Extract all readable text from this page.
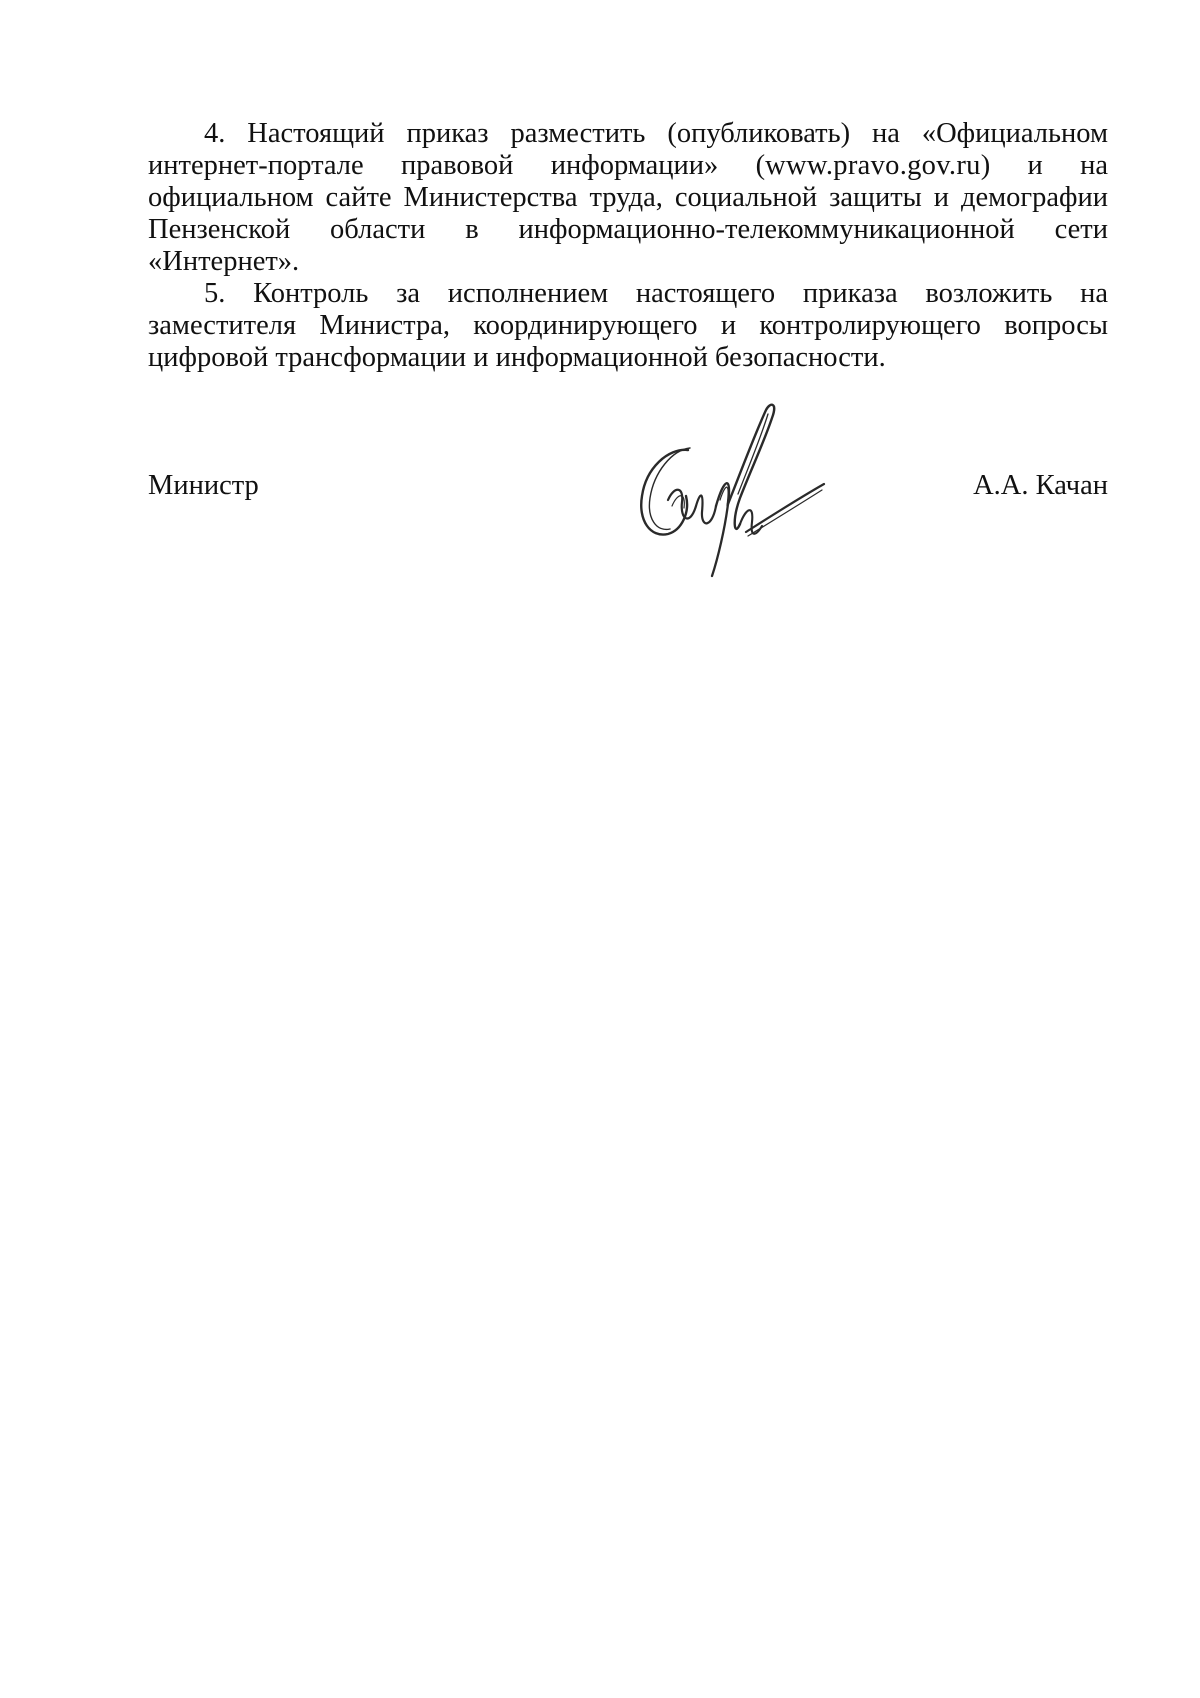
4. Настоящий приказ разместить (опубликовать) на «Официальном интернет-портале правовой информации» (www.pravo.gov.ru) и на официальном сайте Министерства труда, социальной защиты и демографии Пензенской области в информационно-телекоммуникационной сети «Интернет».

5. Контроль за исполнением настоящего приказа возложить на заместителя Министра, координирующего и контролирующего вопросы цифровой трансформации и информационной безопасности.

Министр	А.А. Качан
